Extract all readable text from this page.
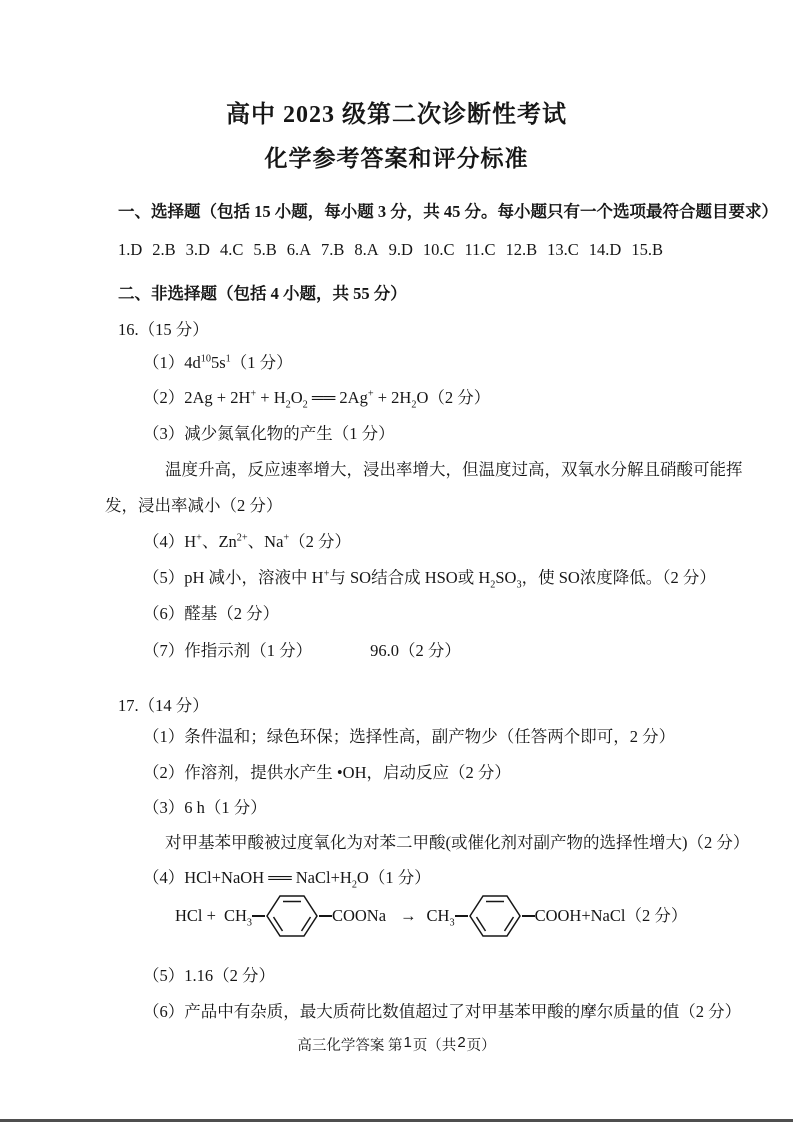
高中 2023 级第二次诊断性考试
化学参考答案和评分标准
一、选择题（包括 15 小题，每小题 3 分，共 45 分。每小题只有一个选项最符合题目要求）
1.D 2.B 3.D 4.C 5.B 6.A 7.B 8.A 9.D 10.C 11.C 12.B 13.C 14.D 15.B
二、非选择题（包括 4 小题，共 55 分）
16.（15 分）
$(1)4d^{10}5s^1(1$ 分）
$(2)2Ag + 2H^+ + H_2O_2$ ══ $2Ag^+ + 2H_2O(2$ 分）
（3）减少氮氧化物的产生（1 分）
温度升高，反应速率增大，浸出率增大，但温度过高，双氧水分解且硝酸可能挥
发，浸出率减小（2 分）
（4）H+、$Zn^{2+}$、Na+（2 分）
（5）pH 减小，溶液中 H+与 SO结合成 HSO或 $H_2SO_3$，使 SO浓度降低。（2 分）
（6）醛基（2 分）
（7）作指示剂（1 分）	96.0（2 分）
17.（14 分）
（1）条件温和；绿色环保；选择性高，副产物少（任答两个即可，2 分）
（2）作溶剂，提供水产生 •OH，启动反应（2 分）
（3）6 h（1 分）
对甲基苯甲酸被过度氧化为对苯二甲酸(或催化剂对副产物的选择性增大)（2 分）
（4）HCl+NaOH ══ $NaCl+H_2O(1$ 分）
HCl + $CH_3$	COONa → $CH_3$	COOH+NaCl （2 分）
（5）1.16（2 分）
（6）产品中有杂质，最大质荷比数值超过了对甲基苯甲酸的摩尔质量的值（2 分）
高三化学答案 第1页（共2页）
